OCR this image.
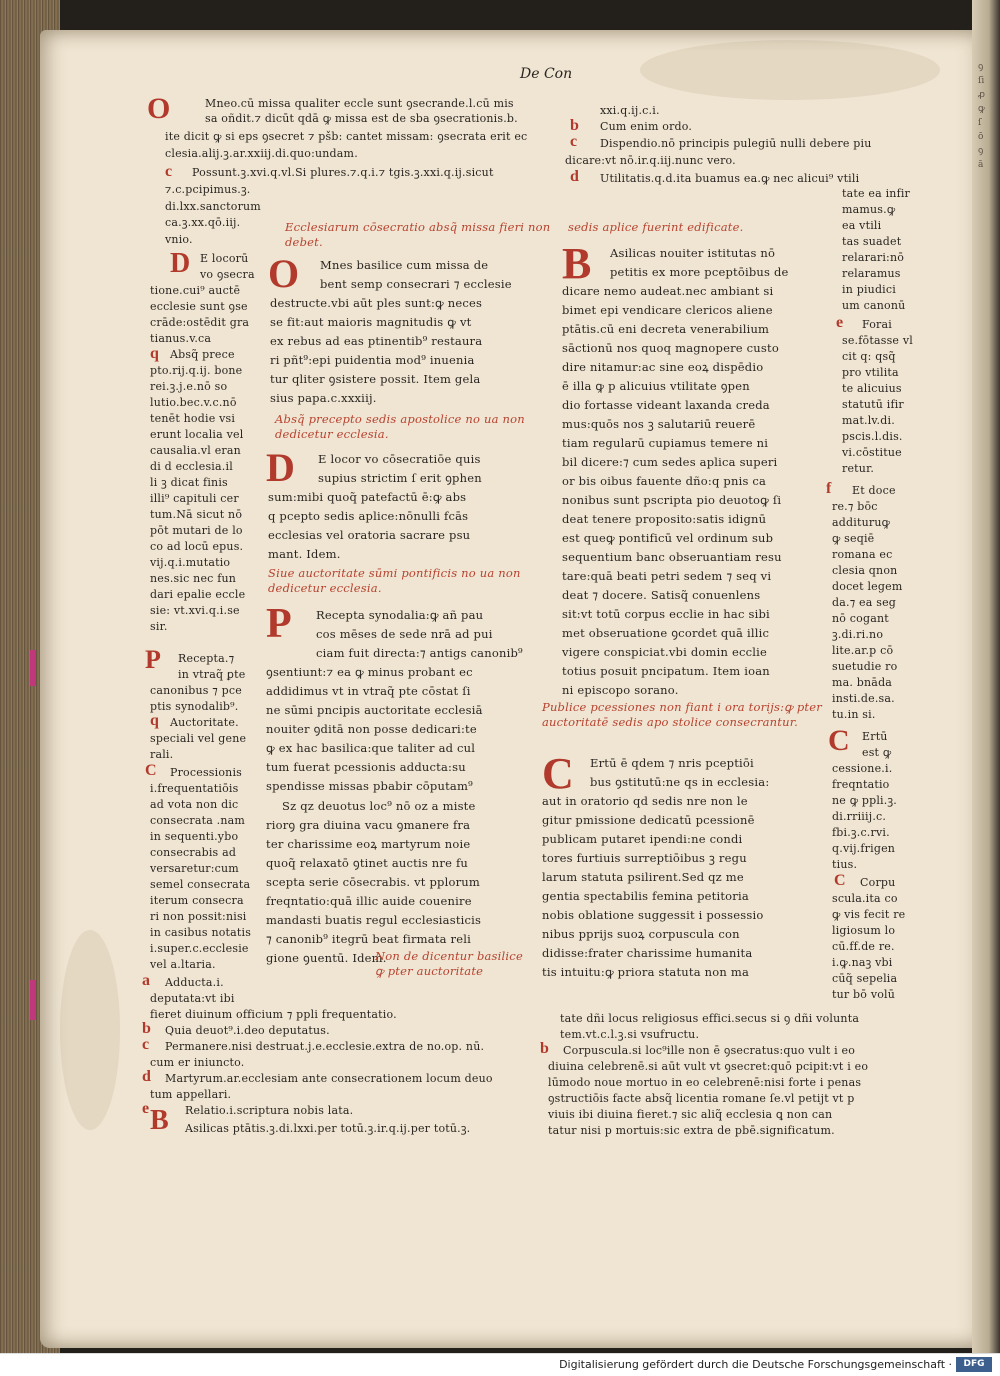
ꝯ
ſi
ꝓ
ꝙ
ſ
ō
ꝯ
ā
De Con
O	Mneo.cū missa qualiter eccle sunt ꝯsecrande.l.cū mis
sa oñdit.⁊ dicūt qdā ꝙ missa est de sba ꝯsecrationis.b.
ite dicit ꝙ si eps ꝯsecret ⁊ pšb: cantet missam: ꝯsecrata erit ec
clesia.alij.ꝫ.ar.xxiij.di.quo:undam.
c Possunt.ꝫ.xvi.q.vl.Si plures.⁊.q.i.⁊ tgis.ꝫ.xxi.q.ij.sicut
⁊.c.pcipimus.ꝫ.
di.lxx.sanctorum
ca.ꝫ.xx.qō.iij.
vnio.
xxi.q.ij.c.i.
b Cum enim ordo.
c Dispendio.nō principis pulegiū nulli debere piu
dicare:vt nō.ir.q.iij.nunc vero.
d Utilitatis.q.d.ita buamus ea.ꝙ nec alicui⁹ vtili
D E locorū
vo ꝯsecra
tione.cui⁹ auctē
ecclesie sunt ꝯse
crāde:ostēdit gra
tianus.v.ca
q Absq̃ prece
pto.rij.q.ij. bone
rei.ꝫ.j.e.nō so
lutio.bec.v.c.nō
tenēt hodie vsi
erunt localia vel
causalia.vl eran
di d ecclesia.il
li ꝫ dicat finis
illi⁹ capituli cer
tum.Nā sicut nō
pōt mutari de lo
co ad locū epus.
vij.q.i.mutatio
nes.sic nec fun
dari epalie eccle
sie: vt.xvi.q.i.se
sir.
P Recepta.⁊
in vtraq̃ ꝑte
canonibus ⁊ pce
ptis synodalib⁹.
q Auctoritate.
speciali vel gene
rali.
C Processionis
i.frequentatiōis
ad vota non dic
consecrata .nam
in sequenti.ybo
consecrabis ad
versaretur:cum
semel consecrata
iterum consecra
ri non possit:nisi
in casibus notatis
i.super.c.ecclesie
vel a.ltaria.
a Adducta.i.
deputata:vt ibi
fieret diuinum officium ⁊ ppli frequentatio.
b Quia deuot⁹.i.deo deputatus.
c Permanere.nisi destruat.j.e.ecclesie.extra de no.op. nū.
cum er iniuncto.
d Martyrum.ar.ecclesiam ante consecrationem locum deuo
tum appellari.
e	Relatio.i.scriptura nobis lata.
B Asilicas ptātis.ꝫ.di.lxxi.per totū.ꝫ.ir.q.ij.per totū.ꝫ.
tate dñi locus religiosus effici.secus si ꝯ dñi volunta
tem.vt.c.l.ꝫ.si vsufructu.
b Corpuscula.si loc⁹ille non ē ꝯsecratus:quo vult i eo
diuina celebrenē.si aūt vult vt ꝯsecret:quō pcipit:vt i eo
lūmodo noue mortuo in eo celebrenē:nisi forte i penas
ꝯstructiōis facte absq̃ licentia romane ſe.vl petijt vt p
viuis ibi diuina fieret.⁊ sic aliq̃ ecclesia ꝗ non can
tatur nisi p mortuis:sic extra de pbē.significatum.
Ecclesiarum cōsecratio absq̃ missa fieri non debet.
O Mnes basilice cum missa de
bent semp consecrari ⁊ ecclesie
destructe.vbi aūt ples sunt:ꝙ neces
se fit:aut maioris magnitudis ꝙ vt
ex rebus ad eas ptinentib⁹ restaura
ri pñt⁹:epi puidentia mod⁹ inuenia
tur qliter ꝯsistere possit. Item gela
sius papa.c.xxxiij.
Absq̃ precepto sedis apostolice no ua non dedicetur ecclesia.
D E locor vo cōsecratiōe quis
supius strictim ſ erit ꝯphen
sum:mibi quoq̃ patefactū ē:ꝙ abs
q pcepto sedis aplice:nōnulli fcās
ecclesias vel oratoria sacrare psu
mant. Idem.
Siue auctoritate sūmi pontificis no ua non dedicetur ecclesia.
P Recepta synodalia:ꝙ añ pau
cos mēses de sede nrā ad pui
ciam fuit directa:⁊ antigs canonib⁹
ꝯsentiunt:⁊ ea ꝙ minus probant ec
addidimus vt in vtraq̃ pte cōstat ſi
ne sūmi pncipis auctoritate ecclesiā
nouiter ꝯditā non posse dedicari:te
ꝙ ex hac basilica:que taliter ad cul
tum fuerat pcessionis adducta:su
spendisse missas pbabir cōputam⁹
Sz qz deuotus loc⁹ nō oz a miste
riorꝯ gra diuina vacu ꝯmanere fra
ter charissime eoꝝ martyrum noie
quoq̃ relaxatō ꝯtinet auctis nre fu
scepta serie cōsecrabis. vt pplorum
freqntatio:quā illic auide couenire
mandasti buatis regul ecclesiasticis
⁊ canonib⁹ itegrū beat firmata reli
gione ꝯuentū. Idem.
Non de dicentur basilice ꝙ pter auctoritate
sedis aplice fuerint edificate.
B Asilicas nouiter istitutas nō
petitis ex more pceptōibus de
dicare nemo audeat.nec ambiant si
bimet epi vendicare clericos aliene
ptātis.cū eni decreta venerabilium
sāctionū nos quoq magnopere custo
dire nitamur:ac sine eoꝝ dispēdio
ē illa ꝙ p alicuius vtilitate ꝯpen
dio fortasse videant laxanda creda
mus:quōs nos ꝫ salutariū reuerē
tiam regularū cupiamus temere ni
bil dicere:⁊ cum sedes aplica superi
or bis oibus fauente dño:q pnis ca
nonibus sunt pscripta pio deuotoꝙ ſi
deat tenere proposito:satis idignū
est queꝙ pontificū vel ordinum sub
sequentium banc obseruantiam resu
tare:quā beati petri sedem ⁊ seq vi
deat ⁊ docere. Satisq̃ conuenlens
sit:vt totū corpus ecclie in hac sibi
met obseruatione ꝯcordet quā illic
vigere conspiciat.vbi domin ecclie
totius posuit pncipatum. Item ioan
ni episcopo sorano.
Publice pcessiones non fiant i ora torijs:ꝙ pter auctoritatē sedis apo stolice consecrantur.
C Ertū ē qdem ⁊ nris pceptiōi
bus ꝯstitutū:ne qs in ecclesia:
aut in oratorio qd sedis nre non le
gitur pmissione dedicatū pcessionē
publicam putaret ipendi:ne condi
tores furtiuis surreptiōibus ꝫ regu
larum statuta psilirent.Sed qz me
gentia spectabilis femina petitoria
nobis oblatione suggessit i possessio
nibus pprijs suoꝝ corpuscula con
didisse:frater charissime humanita
tis intuitu:ꝙ priora statuta non ma
tate ea infir
mamus.ꝙ
ea vtili
tas suadet
relarari:nō
relaramus
in piudici
um canonū
e Forai
se.fōtasse vl
cit q: qsq̃
pro vtilita
te alicuius
statutū ifir
mat.lv.di.
pscis.l.dis.
vi.cōstitue
retur.
f Et doce
re.⁊ bōc
addituruꝙ
ꝙ seqiē
romana ec
clesia qnon
docet legem
da.⁊ ea seg
nō cogant
ꝫ.di.ri.no
lite.ar.p cō
suetudie ro
ma. bnāda
insti.de.sa.
tu.in si.
C Ertū
est ꝙ
cessione.i.
freqntatio
ne ꝙ ppli.ꝫ.
di.rriiij.c.
fbi.ꝫ.c.rvi.
q.vij.frigen
tius.
C Corpu
scula.ita co
ꝙ vis fecit re
ligiosum lo
cū.ff.de re.
i.ꝙ.naꝫ vbi
cūq̃ sepelia
tur bō volū
Digitalisierung gefördert durch die Deutsche Forschungsgemeinschaft ·	DFG
